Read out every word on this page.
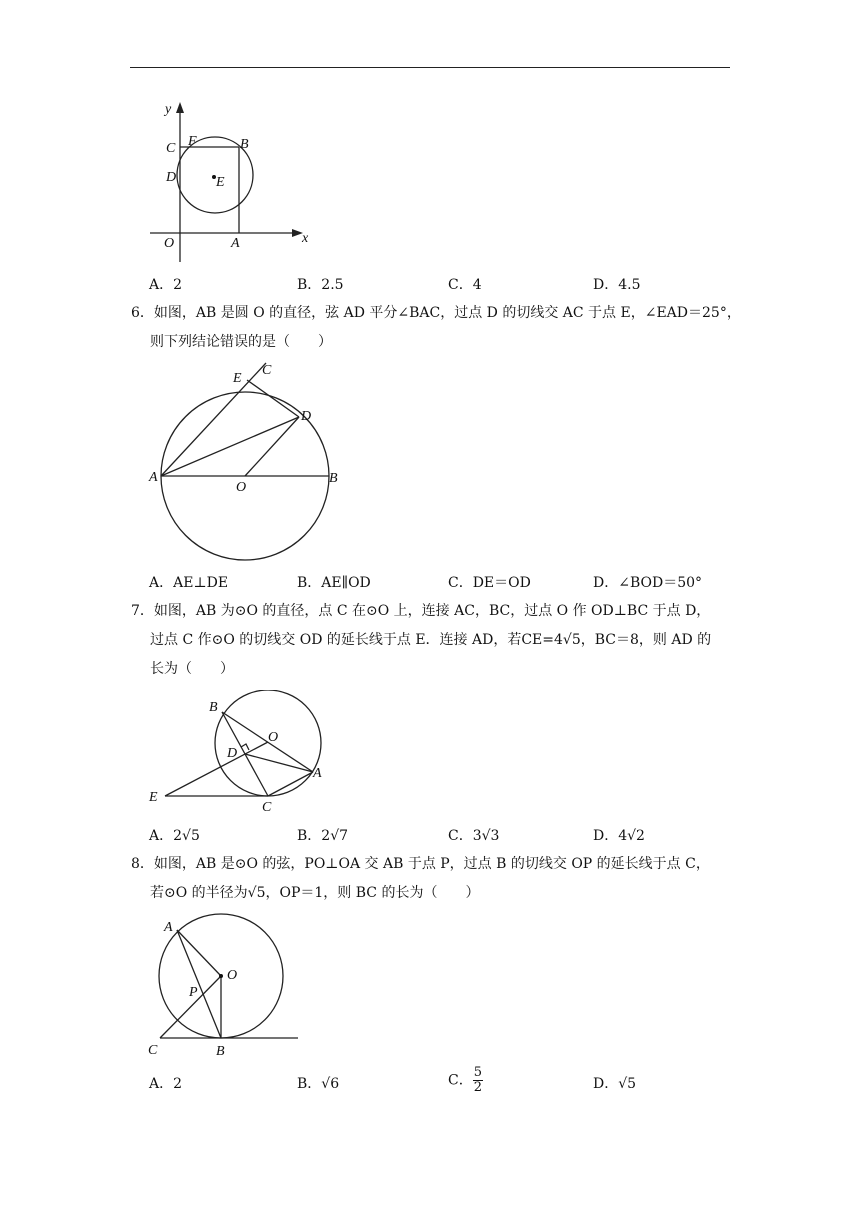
y
x
C F	B
D	E
O	A
A．2	B．2.5	C．4	D．4.5
6．如图，AB 是圆 O 的直径，弦 AD 平分∠BAC，过点 D 的切线交 AC 于点 E，∠EAD＝25°，
则下列结论错误的是（　　）
E
C
D
A
O
B
A．AE⊥DE	B．AE∥OD	C．DE＝OD	D．∠BOD＝50°
7．如图，AB 为⊙O 的直径，点 C 在⊙O 上，连接 AC，BC，过点 O 作 OD⊥BC 于点 D，
过点 C 作⊙O 的切线交 OD 的延长线于点 E．连接 AD，若CE=4√5，BC＝8，则 AD 的
长为（　　）
B
O
D
A
E
C
A．2√5	B．2√7	C．3√3	D．4√2
8．如图，AB 是⊙O 的弦，PO⊥OA 交 AB 于点 P，过点 B 的切线交 OP 的延长线于点 C，
若⊙O 的半径为√5，OP＝1，则 BC 的长为（　　）
A
O
P
C	B
A．2	B．√6	C． $\frac{5}{2}$	D．√5
